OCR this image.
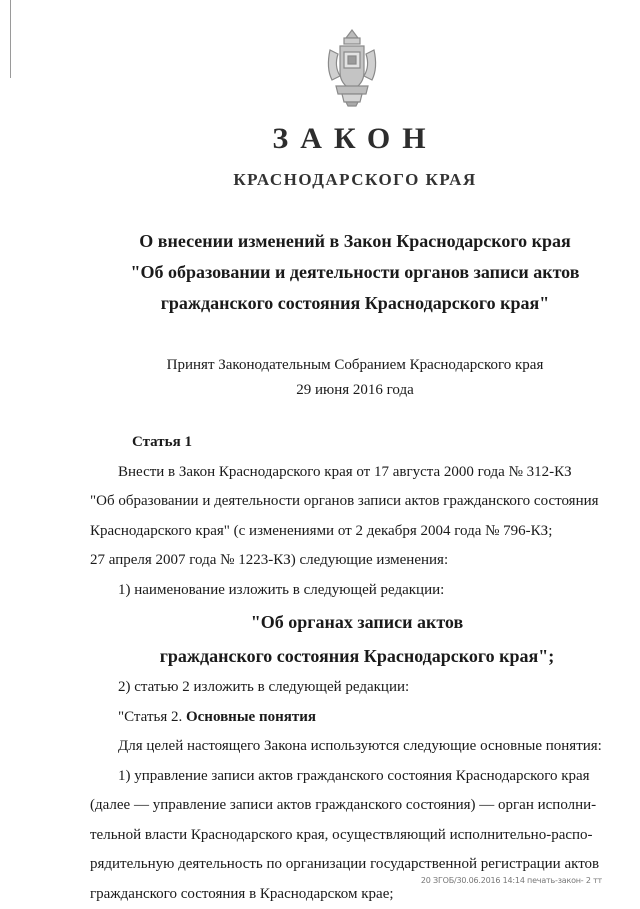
ЗАКОН
КРАСНОДАРСКОГО КРАЯ
О внесении изменений в Закон Краснодарского края
"Об образовании и деятельности органов записи актов
гражданского состояния Краснодарского края"
Принят Законодательным Собранием Краснодарского края
29 июня 2016 года

Статья 1

Внести в Закон Краснодарского края от 17 августа 2000 года № 312-КЗ

"Об образовании и деятельности органов записи актов гражданского состояния

Краснодарского края" (с изменениями от 2 декабря 2004 года № 796-КЗ;

27 апреля 2007 года № 1223-КЗ) следующие изменения:

1) наименование изложить в следующей редакции:

"Об органах записи актов

гражданского состояния Краснодарского края";

2) статью 2 изложить в следующей редакции:

"Статья 2. Основные понятия

Для целей настоящего Закона используются следующие основные понятия:

1) управление записи актов гражданского состояния Краснодарского края

(далее — управление записи актов гражданского состояния) — орган исполни-

тельной власти Краснодарского края, осуществляющий исполнительно-распо-

рядительную деятельность по организации государственной регистрации актов

гражданского состояния в Краснодарском крае;

20 ЗГОБ/30.06.2016 14:14 печать-закон- 2 тт
